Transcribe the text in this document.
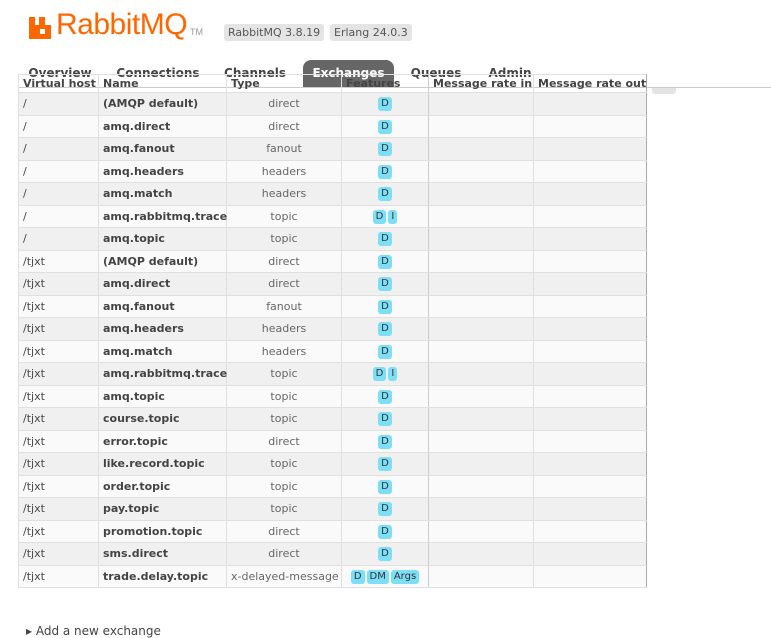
RabbitMQ TM	RabbitMQ 3.8.19	Erlang 24.0.3
Overview	Connections	Channels	Exchanges	Queues	Admin
Virtual host	Name	Type	Features	Message rate in	Message rate out
/	(AMQP default)	direct	D		
/	amq.direct	direct	D		
/	amq.fanout	fanout	D		
/	amq.headers	headers	D		
/	amq.match	headers	D		
/	amq.rabbitmq.trace	topic	D I		
/	amq.topic	topic	D		
/tjxt	(AMQP default)	direct	D		
/tjxt	amq.direct	direct	D		
/tjxt	amq.fanout	fanout	D		
/tjxt	amq.headers	headers	D		
/tjxt	amq.match	headers	D		
/tjxt	amq.rabbitmq.trace	topic	D I		
/tjxt	amq.topic	topic	D		
/tjxt	course.topic	topic	D		
/tjxt	error.topic	direct	D		
/tjxt	like.record.topic	topic	D		
/tjxt	order.topic	topic	D		
/tjxt	pay.topic	topic	D		
/tjxt	promotion.topic	direct	D		
/tjxt	sms.direct	direct	D		
/tjxt	trade.delay.topic	x-delayed-message	D DM Args		
▸ Add a new exchange
